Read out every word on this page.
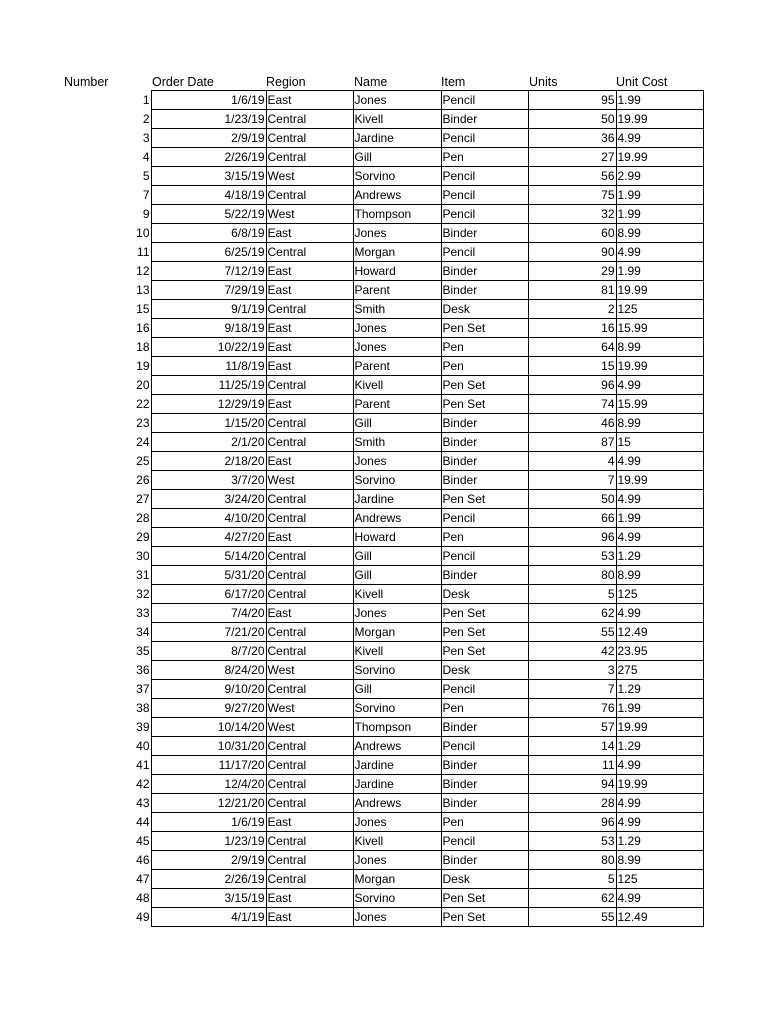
Number	Order Date	Region	Name	Item	Units	Unit Cost
1	1/6/19	East	Jones	Pencil	95	1.99
2	1/23/19	Central	Kivell	Binder	50	19.99
3	2/9/19	Central	Jardine	Pencil	36	4.99
4	2/26/19	Central	Gill	Pen	27	19.99
5	3/15/19	West	Sorvino	Pencil	56	2.99
7	4/18/19	Central	Andrews	Pencil	75	1.99
9	5/22/19	West	Thompson	Pencil	32	1.99
10	6/8/19	East	Jones	Binder	60	8.99
11	6/25/19	Central	Morgan	Pencil	90	4.99
12	7/12/19	East	Howard	Binder	29	1.99
13	7/29/19	East	Parent	Binder	81	19.99
15	9/1/19	Central	Smith	Desk	2	125
16	9/18/19	East	Jones	Pen Set	16	15.99
18	10/22/19	East	Jones	Pen	64	8.99
19	11/8/19	East	Parent	Pen	15	19.99
20	11/25/19	Central	Kivell	Pen Set	96	4.99
22	12/29/19	East	Parent	Pen Set	74	15.99
23	1/15/20	Central	Gill	Binder	46	8.99
24	2/1/20	Central	Smith	Binder	87	15
25	2/18/20	East	Jones	Binder	4	4.99
26	3/7/20	West	Sorvino	Binder	7	19.99
27	3/24/20	Central	Jardine	Pen Set	50	4.99
28	4/10/20	Central	Andrews	Pencil	66	1.99
29	4/27/20	East	Howard	Pen	96	4.99
30	5/14/20	Central	Gill	Pencil	53	1.29
31	5/31/20	Central	Gill	Binder	80	8.99
32	6/17/20	Central	Kivell	Desk	5	125
33	7/4/20	East	Jones	Pen Set	62	4.99
34	7/21/20	Central	Morgan	Pen Set	55	12.49
35	8/7/20	Central	Kivell	Pen Set	42	23.95
36	8/24/20	West	Sorvino	Desk	3	275
37	9/10/20	Central	Gill	Pencil	7	1.29
38	9/27/20	West	Sorvino	Pen	76	1.99
39	10/14/20	West	Thompson	Binder	57	19.99
40	10/31/20	Central	Andrews	Pencil	14	1.29
41	11/17/20	Central	Jardine	Binder	11	4.99
42	12/4/20	Central	Jardine	Binder	94	19.99
43	12/21/20	Central	Andrews	Binder	28	4.99
44	1/6/19	East	Jones	Pen	96	4.99
45	1/23/19	Central	Kivell	Pencil	53	1.29
46	2/9/19	Central	Jones	Binder	80	8.99
47	2/26/19	Central	Morgan	Desk	5	125
48	3/15/19	East	Sorvino	Pen Set	62	4.99
49	4/1/19	East	Jones	Pen Set	55	12.49
